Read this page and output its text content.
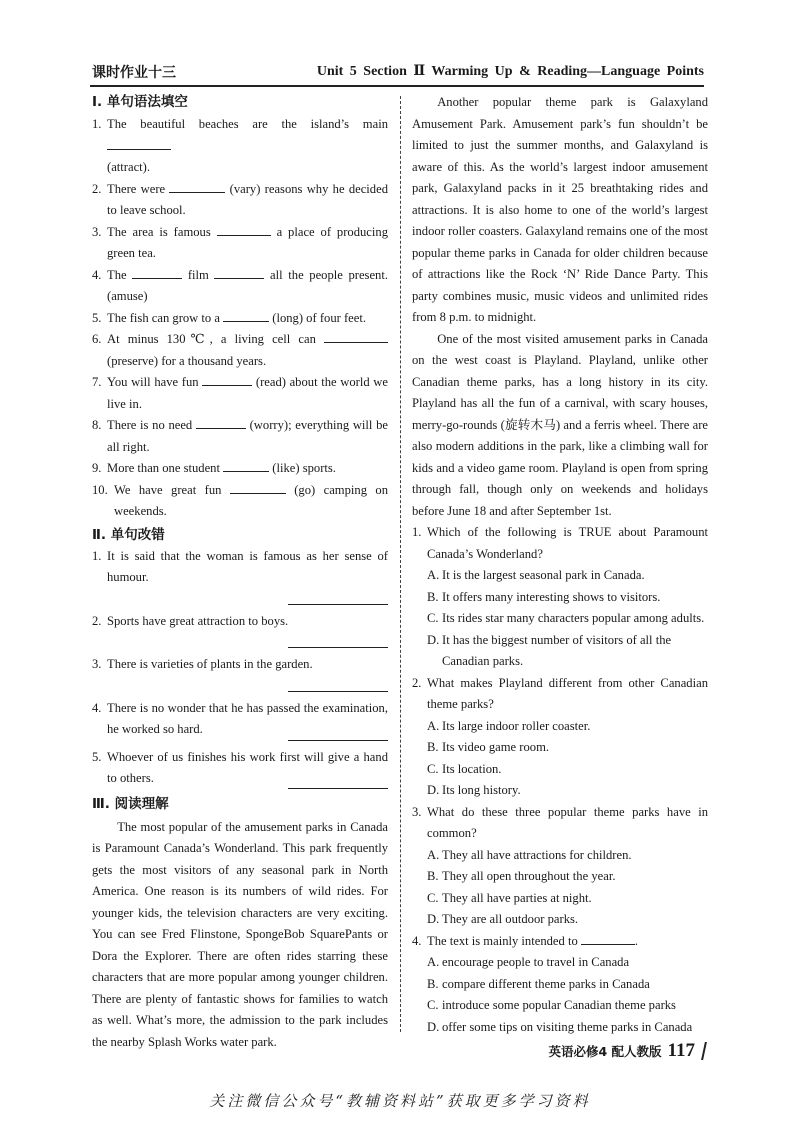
课时作业十三	Unit 5 Section Ⅱ Warming Up & Reading—Language Points

Ⅰ. 单句语法填空

1. The beautiful beaches are the island’s main
(attract).
2. There were	(vary) reasons why he decided to leave school.
3. The area is famous	a place of producing green tea.
4. The	film	all the people present. (amuse)
5. The fish can grow to a	(long) of four feet.
6. At minus 130℃, a living cell can  (preserve) for a thousand years.
7. You will have fun	(read) about the world we live in.
8. There is no need	(worry); everything will be all right.
9. More than one student	(like) sports.
10. We have great fun	(go) camping on weekends.

Ⅱ. 单句改错

1. It is said that the woman is famous as her sense of humour.
2. Sports have great attraction to boys.
3. There is varieties of plants in the garden.
4. There is no wonder that he has passed the examination, he worked so hard.
5. Whoever of us finishes his work first will give a hand to others.

Ⅲ. 阅读理解

The most popular of the amusement parks in Canada is Paramount Canada’s Wonderland. This park frequently gets the most visitors of any seasonal park in North America. One reason is its numbers of wild rides. For younger kids, the television characters are very exciting. You can see Fred Flinstone, SpongeBob SquarePants or Dora the Explorer. There are often rides starring these characters that are more popular among younger children. There are plenty of fantastic shows for families to watch as well. What’s more, the admission to the park includes the nearby Splash Works water park.

Another popular theme park is Galaxyland Amusement Park. Amusement park’s fun shouldn’t be limited to just the summer months, and Galaxyland is aware of this. As the world’s largest indoor amusement park, Galaxyland packs in it 25 breathtaking rides and attractions. It is also home to one of the world’s largest indoor roller coasters. Galaxyland remains one of the most popular theme parks in Canada for older children because of attractions like the Rock ‘N’ Ride Dance Party. This party combines music, music videos and unlimited rides from 8 p.m. to midnight.

One of the most visited amusement parks in Canada on the west coast is Playland. Playland, unlike other Canadian theme parks, has a long history in its city. Playland has all the fun of a carnival, with scary houses, merry-go-rounds (旋转木马) and a ferris wheel. There are also modern additions in the park, like a climbing wall for kids and a video game room. Playland is open from spring through fall, though only on weekends and holidays before June 18 and after September 1st.

1. Which of the following is TRUE about Paramount Canada’s Wonderland?
A. It is the largest seasonal park in Canada.
B. It offers many interesting shows to visitors.
C. Its rides star many characters popular among adults.
D. It has the biggest number of visitors of all the Canadian parks.
2. What makes Playland different from other Canadian theme parks?
A. Its large indoor roller coaster.
B. Its video game room.
C. Its location.
D. Its long history.
3. What do these three popular theme parks have in common?
A. They all have attractions for children.
B. They all open throughout the year.
C. They all have parties at night.
D. They are all outdoor parks.
4. The text is mainly intended to	.
A. encourage people to travel in Canada
B. compare different theme parks in Canada
C. introduce some popular Canadian theme parks
D. offer some tips on visiting theme parks in Canada
英语必修4 配人教版 117
关注微信公众号“教辅资料站”获取更多学习资料
